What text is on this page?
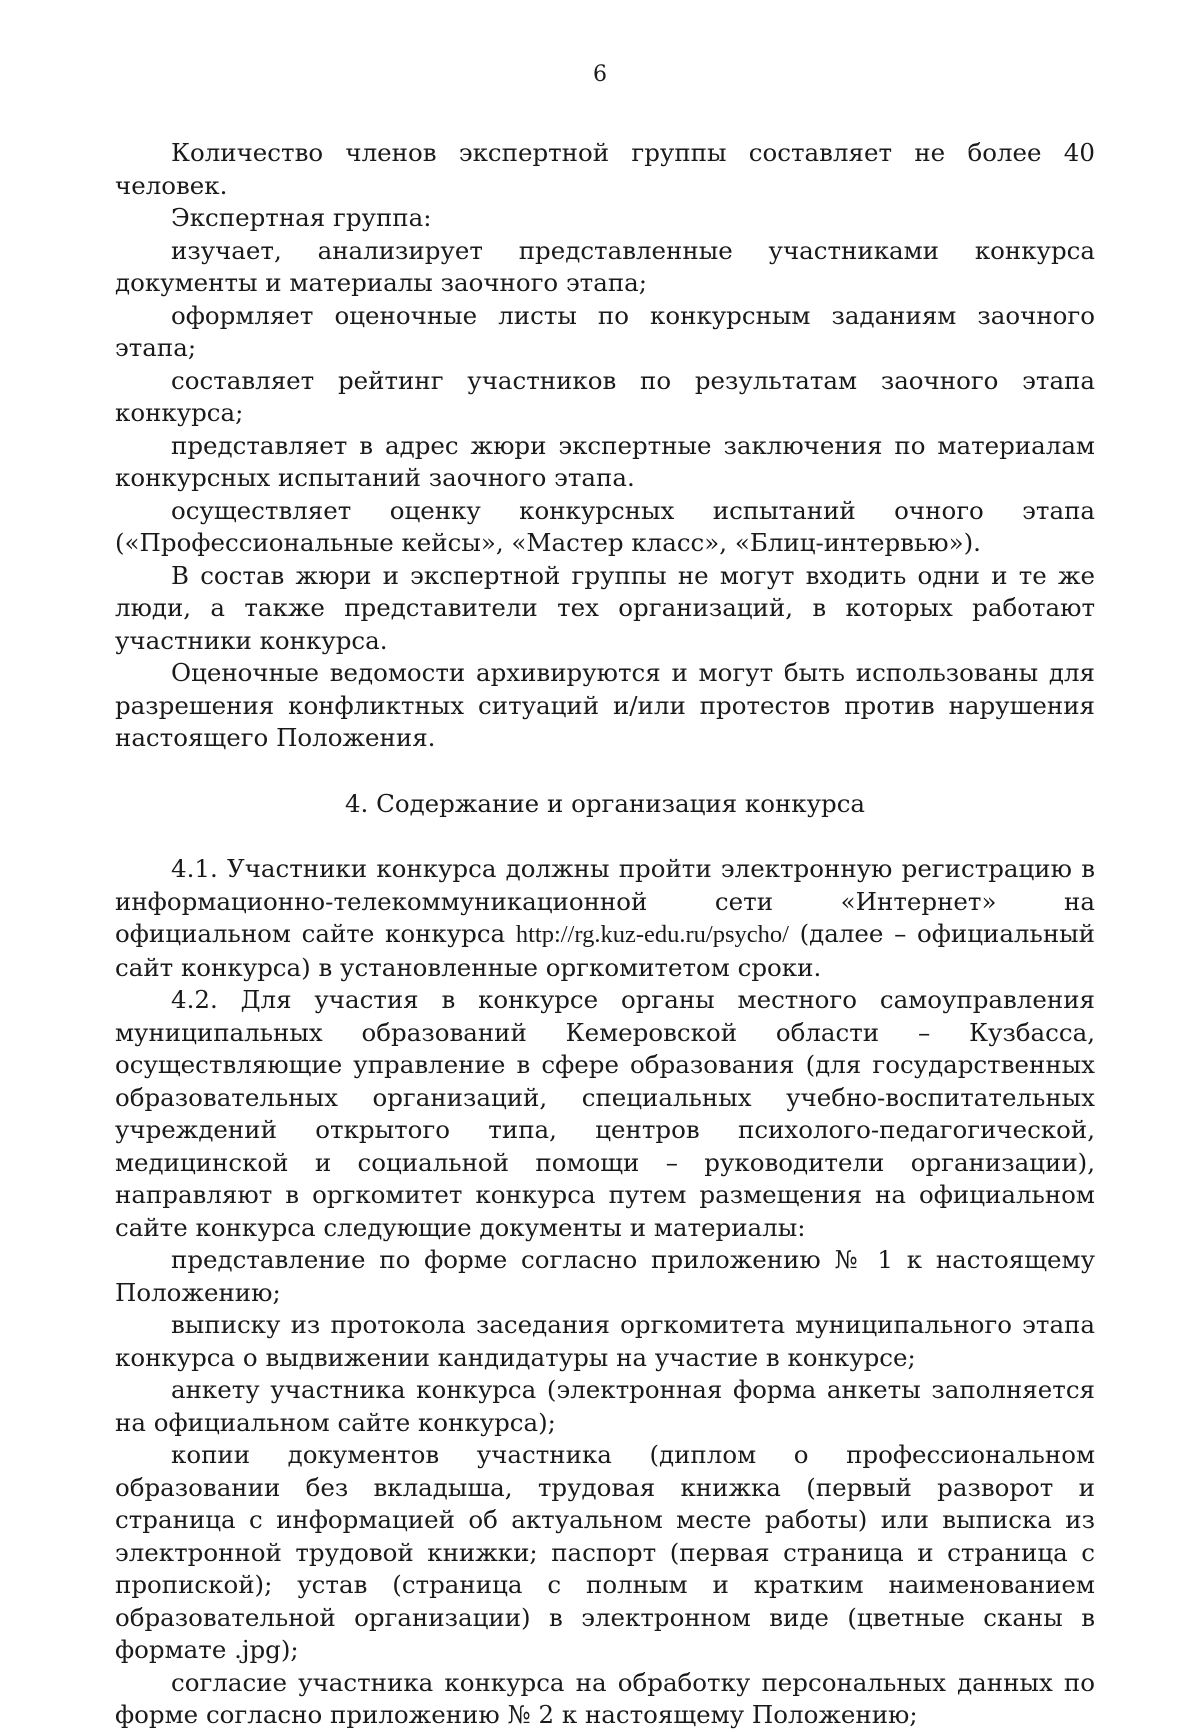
6

Количество членов экспертной группы составляет не более 40 человек.

Экспертная группа:

изучает, анализирует представленные участниками конкурса документы и материалы заочного этапа;

оформляет оценочные листы по конкурсным заданиям заочного этапа;

составляет рейтинг участников по результатам заочного этапа конкурса;

представляет в адрес жюри экспертные заключения по материалам конкурсных испытаний заочного этапа.

осуществляет оценку конкурсных испытаний очного этапа («Профессиональные кейсы», «Мастер класс», «Блиц-интервью»).

В состав жюри и экспертной группы не могут входить одни и те же люди, а также представители тех организаций, в которых работают участники конкурса.

Оценочные ведомости архивируются и могут быть использованы для разрешения конфликтных ситуаций и/или протестов против нарушения настоящего Положения.

4. Содержание и организация конкурса

4.1. Участники конкурса должны пройти электронную регистрацию в информационно-телекоммуникационной сети «Интернет» на официальном сайте конкурса http://rg.kuz-edu.ru/psycho/ (далее – официальный сайт конкурса) в установленные оргкомитетом сроки.

4.2. Для участия в конкурсе органы местного самоуправления муниципальных образований Кемеровской области – Кузбасса, осуществляющие управление в сфере образования (для государственных образовательных организаций, специальных учебно-воспитательных учреждений открытого типа, центров психолого-педагогической, медицинской и социальной помощи – руководители организации), направляют в оргкомитет конкурса путем размещения на официальном сайте конкурса следующие документы и материалы:

представление по форме согласно приложению № 1 к настоящему Положению;

выписку из протокола заседания оргкомитета муниципального этапа конкурса о выдвижении кандидатуры на участие в конкурсе;

анкету участника конкурса (электронная форма анкеты заполняется на официальном сайте конкурса);

копии документов участника (диплом о профессиональном образовании без вкладыша, трудовая книжка (первый разворот и страница с информацией об актуальном месте работы) или выписка из электронной трудовой книжки; паспорт (первая страница и страница с пропиской); устав (страница с полным и кратким наименованием образовательной организации) в электронном виде (цветные сканы в формате .jpg);

согласие участника конкурса на обработку персональных данных по форме согласно приложению № 2 к настоящему Положению;
